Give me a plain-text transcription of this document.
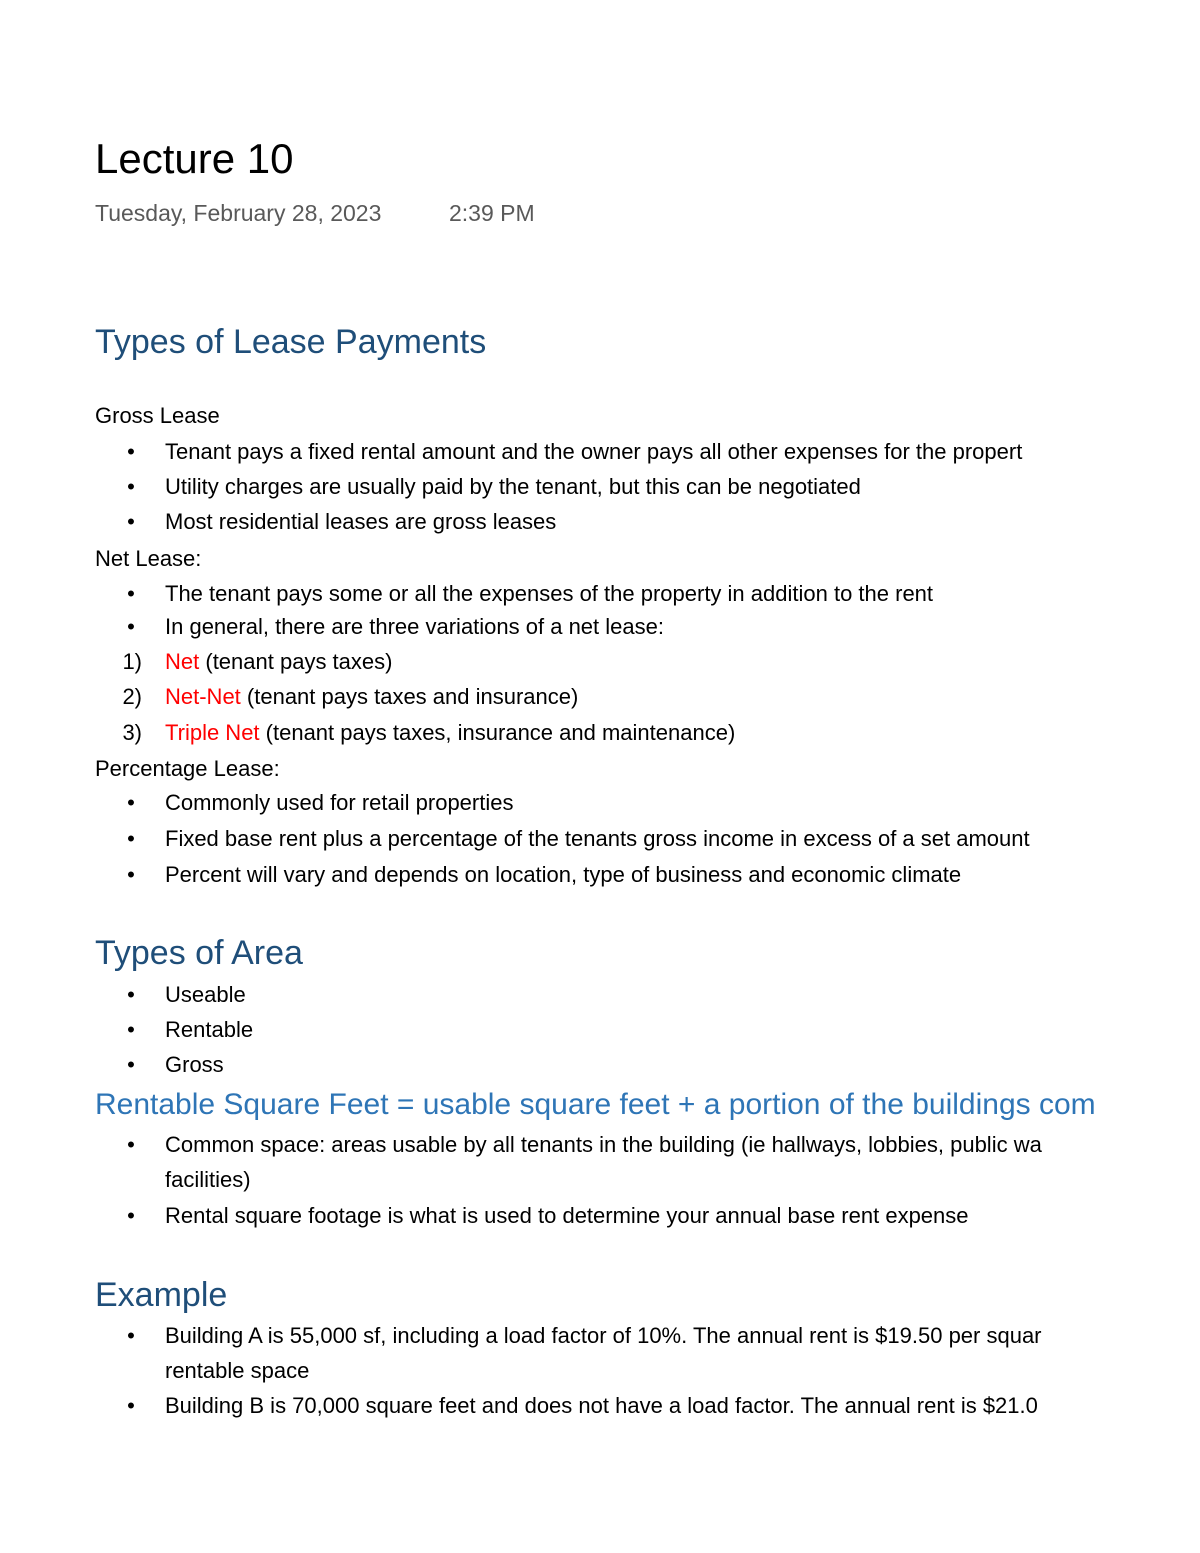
Lecture 10
Tuesday, February 28, 2023	2:39 PM
Types of Lease Payments
Gross Lease
• Tenant pays a fixed rental amount and the owner pays all other expenses for the propert
• Utility charges are usually paid by the tenant, but this can be negotiated
• Most residential leases are gross leases
Net Lease:
• The tenant pays some or all the expenses of the property in addition to the rent
• In general, there are three variations of a net lease:
1) Net (tenant pays taxes)
2) Net-Net (tenant pays taxes and insurance)
3) Triple Net (tenant pays taxes, insurance and maintenance)
Percentage Lease:
• Commonly used for retail properties
• Fixed base rent plus a percentage of the tenants gross income in excess of a set amount
• Percent will vary and depends on location, type of business and economic climate
Types of Area
• Useable
• Rentable
• Gross
Rentable Square Feet = usable square feet + a portion of the buildings com
• Common space: areas usable by all tenants in the building (ie hallways, lobbies, public wa
facilities)
• Rental square footage is what is used to determine your annual base rent expense
Example
• Building A is 55,000 sf, including a load factor of 10%. The annual rent is $19.50 per squar
rentable space
• Building B is 70,000 square feet and does not have a load factor. The annual rent is $21.0
